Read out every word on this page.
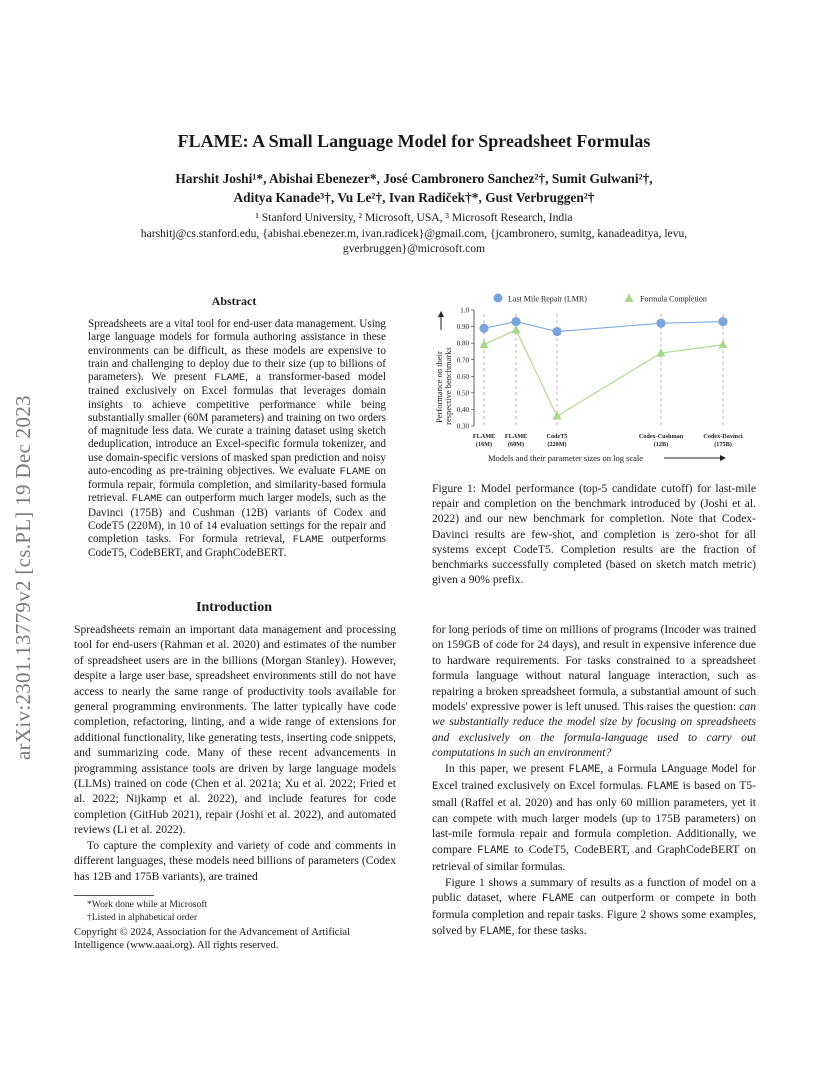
arXiv:2301.13779v2 [cs.PL] 19 Dec 2023
FLAME: A Small Language Model for Spreadsheet Formulas
Harshit Joshi¹*, Abishai Ebenezer*, José Cambronero Sanchez²†, Sumit Gulwani²†,
Aditya Kanade³†, Vu Le²†, Ivan Radiček†*, Gust Verbruggen²†
¹ Stanford University, ² Microsoft, USA, ³ Microsoft Research, India
harshitj@cs.stanford.edu, {abishai.ebenezer.m, ivan.radicek}@gmail.com, {jcambronero, sumitg, kanadeaditya, levu,
gverbruggen}@microsoft.com
Abstract
Spreadsheets are a vital tool for end-user data management. Using large language models for formula authoring assistance in these environments can be difficult, as these models are expensive to train and challenging to deploy due to their size (up to billions of parameters). We present FLAME, a transformer-based model trained exclusively on Excel formulas that leverages domain insights to achieve competitive performance while being substantially smaller (60M parameters) and training on two orders of magnitude less data. We curate a training dataset using sketch deduplication, introduce an Excel-specific formula tokenizer, and use domain-specific versions of masked span prediction and noisy auto-encoding as pre-training objectives. We evaluate FLAME on formula repair, formula completion, and similarity-based formula retrieval. FLAME can outperform much larger models, such as the Davinci (175B) and Cushman (12B) variants of Codex and CodeT5 (220M), in 10 of 14 evaluation settings for the repair and completion tasks. For formula retrieval, FLAME outperforms CodeT5, CodeBERT, and GraphCodeBERT.
Introduction

Spreadsheets remain an important data management and processing tool for end-users (Rahman et al. 2020) and estimates of the number of spreadsheet users are in the billions (Morgan Stanley). However, despite a large user base, spreadsheet environments still do not have access to nearly the same range of productivity tools available for general programming environments. The latter typically have code completion, refactoring, linting, and a wide range of extensions for additional functionality, like generating tests, inserting code snippets, and summarizing code. Many of these recent advancements in programming assistance tools are driven by large language models (LLMs) trained on code (Chen et al. 2021a; Xu et al. 2022; Fried et al. 2022; Nijkamp et al. 2022), and include features for code completion (GitHub 2021), repair (Joshi et al. 2022), and automated reviews (Li et al. 2022).

To capture the complexity and variety of code and comments in different languages, these models need billions of parameters (Codex has 12B and 175B variants), are trained

*Work done while at Microsoft
†Listed in alphabetical order
Copyright © 2024, Association for the Advancement of Artificial Intelligence (www.aaai.org). All rights reserved.
Last Mile Repair (LMR)	Formula Completion
Performance on their respective benchmarks
1.0
0.90
0.80
0.70
0.60
0.50
0.40
0.30
FLAME
(16M)
FLAME
(60M)
CodeT5
(220M)
Codex-Cushman
(12B)
Codex-Davinci
(175B)
Models and their parameter sizes on log scale
Figure 1: Model performance (top-5 candidate cutoff) for last-mile repair and completion on the benchmark introduced by (Joshi et al. 2022) and our new benchmark for completion. Note that Codex-Davinci results are few-shot, and completion is zero-shot for all systems except CodeT5. Completion results are the fraction of benchmarks successfully completed (based on sketch match metric) given a 90% prefix.

for long periods of time on millions of programs (Incoder was trained on 159GB of code for 24 days), and result in expensive inference due to hardware requirements. For tasks constrained to a spreadsheet formula language without natural language interaction, such as repairing a broken spreadsheet formula, a substantial amount of such models' expressive power is left unused. This raises the question: can we substantially reduce the model size by focusing on spreadsheets and exclusively on the formula-language used to carry out computations in such an environment?

In this paper, we present FLAME, a Formula LAnguage Model for Excel trained exclusively on Excel formulas. FLAME is based on T5-small (Raffel et al. 2020) and has only 60 million parameters, yet it can compete with much larger models (up to 175B parameters) on last-mile formula repair and formula completion. Additionally, we compare FLAME to CodeT5, CodeBERT, and GraphCodeBERT on retrieval of similar formulas.

Figure 1 shows a summary of results as a function of model on a public dataset, where FLAME can outperform or compete in both formula completion and repair tasks. Figure 2 shows some examples, solved by FLAME, for these tasks.
